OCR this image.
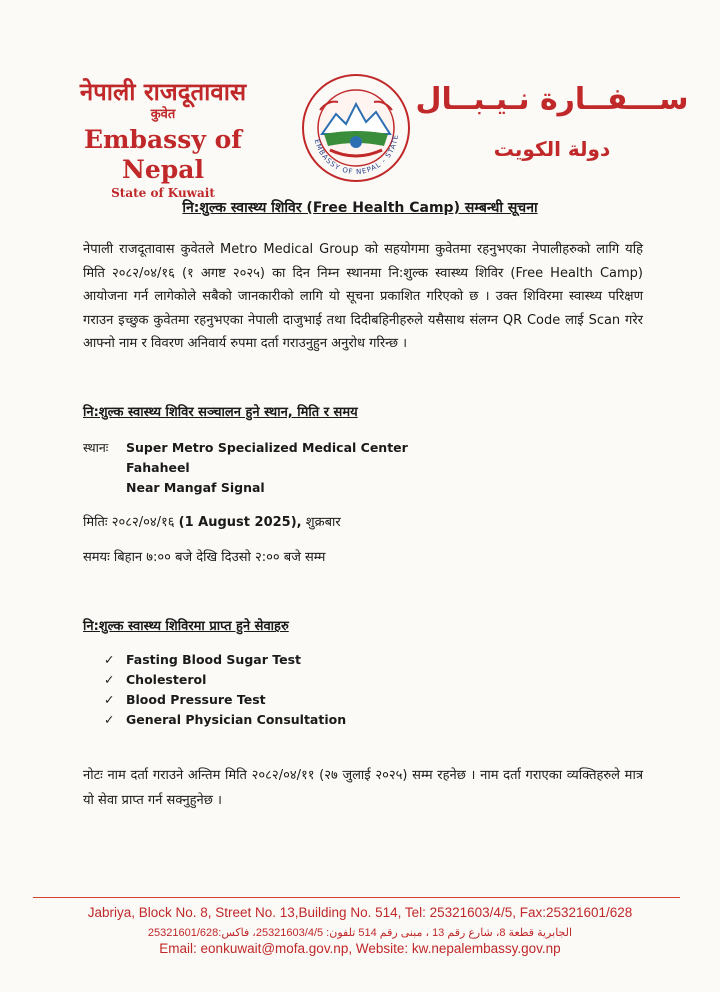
नेपाली राजदूतावास
कुवेत
Embassy of Nepal
State of Kuwait
EMBASSY OF NEPAL - STATE
ســـفــارة نـيـبــال
دولة الكويت
नि:शुल्क स्वास्थ्य शिविर (Free Health Camp) सम्बन्धी सूचना
नेपाली राजदूतावास कुवेतले Metro Medical Group को सहयोगमा कुवेतमा रहनुभएका नेपालीहरुको लागि यहि मिति २०८२/०४/१६ (१ अगष्ट २०२५) का दिन निम्न स्थानमा नि:शुल्क स्वास्थ्य शिविर (Free Health Camp) आयोजना गर्न लागेकोले सबैको जानकारीको लागि यो सूचना प्रकाशित गरिएको छ । उक्त शिविरमा स्वास्थ्य परिक्षण गराउन इच्छुक कुवेतमा रहनुभएका नेपाली दाजुभाई तथा दिदीबहिनीहरुले यसैसाथ संलग्न QR Code लाई Scan गरेर आफ्नो नाम र विवरण अनिवार्य रुपमा दर्ता गराउनुहुन अनुरोध गरिन्छ ।
नि:शुल्क स्वास्थ्य शिविर सञ्चालन हुने स्थान, मिति र समय
स्थानः Super Metro Specialized Medical Center
Fahaheel
Near Mangaf Signal
मितिः २०८२/०४/१६ (1 August 2025), शुक्रबार
समयः बिहान ७:०० बजे देखि दिउसो २:०० बजे सम्म
नि:शुल्क स्वास्थ्य शिविरमा प्राप्त हुने सेवाहरु
✓ Fasting Blood Sugar Test
✓ Cholesterol
✓ Blood Pressure Test
✓ General Physician Consultation
नोटः नाम दर्ता गराउने अन्तिम मिति २०८२/०४/११ (२७ जुलाई २०२५) सम्म रहनेछ । नाम दर्ता गराएका व्यक्तिहरुले मात्र यो सेवा प्राप्त गर्न सक्नुहुनेछ ।
Jabriya, Block No. 8, Street No. 13,Building No. 514, Tel: 25321603/4/5, Fax:25321601/628
الجابرية قطعة 8، شارع رقم 13 ، مبنى رقم 514 تلفون: 25321603/4/5، فاكس:25321601/628
Email: eonkuwait@mofa.gov.np, Website: kw.nepalembassy.gov.np
